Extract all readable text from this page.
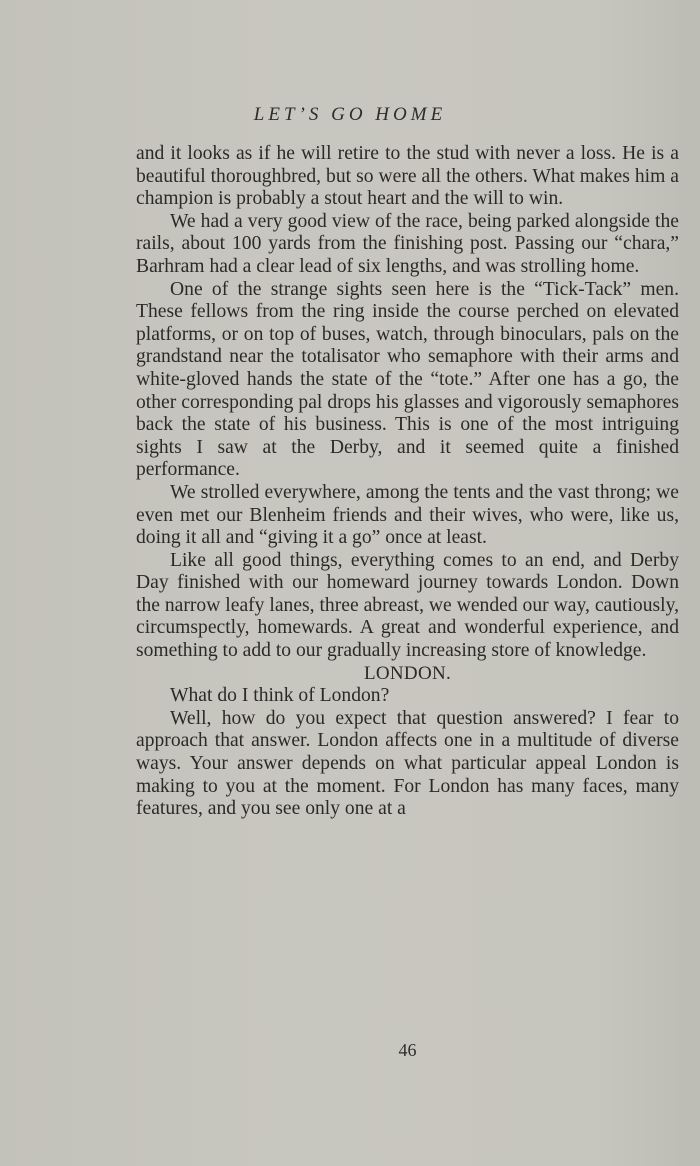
LET’S GO HOME

and it looks as if he will retire to the stud with never a loss. He is a beautiful thoroughbred, but so were all the others. What makes him a champion is probably a stout heart and the will to win.

We had a very good view of the race, being parked alongside the rails, about 100 yards from the finishing post. Passing our “chara,” Barhram had a clear lead of six lengths, and was strolling home.

One of the strange sights seen here is the “Tick-Tack” men. These fellows from the ring inside the course perched on elevated platforms, or on top of buses, watch, through binoculars, pals on the grandstand near the totalisator who semaphore with their arms and white-gloved hands the state of the “tote.” After one has a go, the other corresponding pal drops his glasses and vigorously semaphores back the state of his business. This is one of the most intriguing sights I saw at the Derby, and it seemed quite a finished performance.

We strolled everywhere, among the tents and the vast throng; we even met our Blenheim friends and their wives, who were, like us, doing it all and “giving it a go” once at least.

Like all good things, everything comes to an end, and Derby Day finished with our homeward journey towards London. Down the narrow leafy lanes, three abreast, we wended our way, cautiously, circumspectly, homewards. A great and wonderful experience, and something to add to our gradually increasing store of knowledge.

LONDON.

What do I think of London?

Well, how do you expect that question answered? I fear to approach that answer. London affects one in a multitude of diverse ways. Your answer depends on what particular appeal London is making to you at the moment. For London has many faces, many features, and you see only one at a

46
